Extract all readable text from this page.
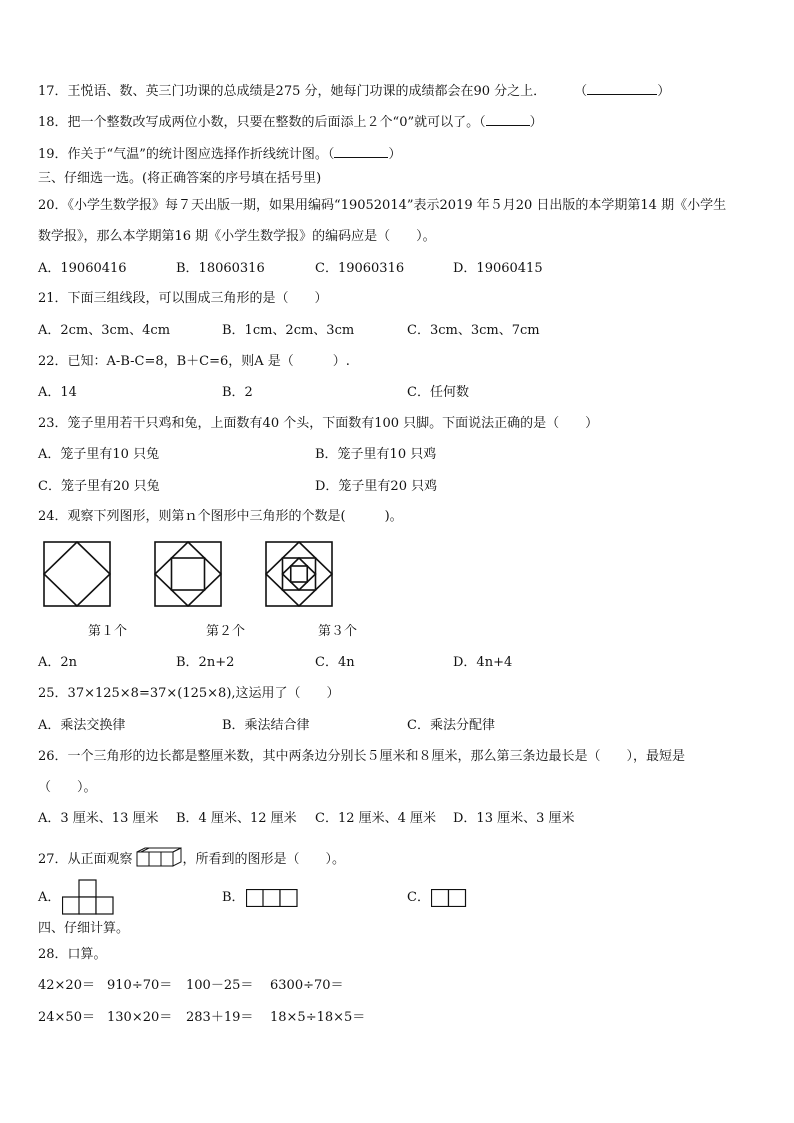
17．王悦语、数、英三门功课的总成绩是275 分，她每门功课的成绩都会在90 分之上． （	）
18．把一个整数改写成两位小数，只要在整数的后面添上２个“0”就可以了。（	）
19．作关于“气温”的统计图应选择作折线统计图。（	）
三、仔细选一选。(将正确答案的序号填在括号里)
20．《小学生数学报》每７天出版一期，如果用编码“19052014”表示2019 年５月20 日出版的本学期第14 期《小学生
数学报》，那么本学期第16 期《小学生数学报》的编码应是（　　）。
A．19060416	B．18060316	C．19060316	D．19060415
21．下面三组线段，可以围成三角形的是（　　）
A．2cm、3cm、4cm	B．1cm、2cm、3cm	C．3cm、3cm、7cm
22．已知：A-B-C=8，B＋C=6，则A 是（　　　）.
A．14	B．2	C．任何数
23．笼子里用若干只鸡和兔，上面数有40 个头，下面数有100 只脚。下面说法正确的是（　　）
A．笼子里有10 只兔	B．笼子里有10 只鸡
C．笼子里有20 只兔	D．笼子里有20 只鸡
24．观察下列图形，则第ｎ个图形中三角形的个数是(　　　)。
第１个	第２个	第３个
A．2n	B．2n+2	C．4n	D．4n+4
25．37×125×8=37×(125×8),这运用了（　　）
A．乘法交换律	B．乘法结合律	C．乘法分配律
26．一个三角形的边长都是整厘米数，其中两条边分别长５厘米和８厘米，那么第三条边最长是（　　），最短是
（　　）。
A．3 厘米、13 厘米 B．4 厘米、12 厘米 C．12 厘米、4 厘米 D．13 厘米、3 厘米
27．从正面观察	，所看到的图形是（　　）。
A．	B．	C．
四、仔细计算。
28．口算。
42×20＝ 910÷70＝ 100－25＝ 6300÷70＝
24×50＝ 130×20＝ 283＋19＝ 18×5÷18×5＝
